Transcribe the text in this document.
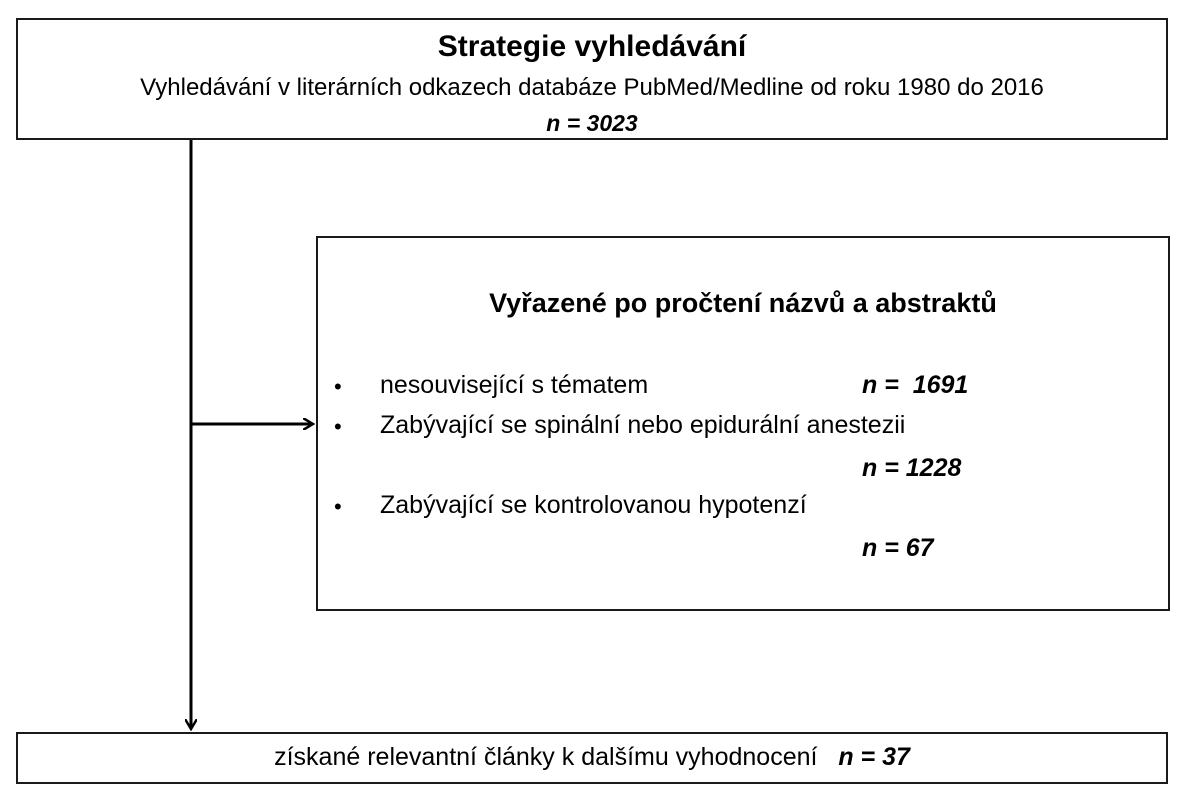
Strategie vyhledávání
Vyhledávání v literárních odkazech databáze PubMed/Medline od roku 1980 do 2016
n = 3023
Vyřazené po pročtení názvů a abstraktů
• nesouvisející s tématem	n =  1691
• Zabývající se spinální nebo epidurální anestezii
n = 1228
• Zabývající se kontrolovanou hypotenzí
n = 67
získané relevantní články k dalšímu vyhodnocení n = 37
